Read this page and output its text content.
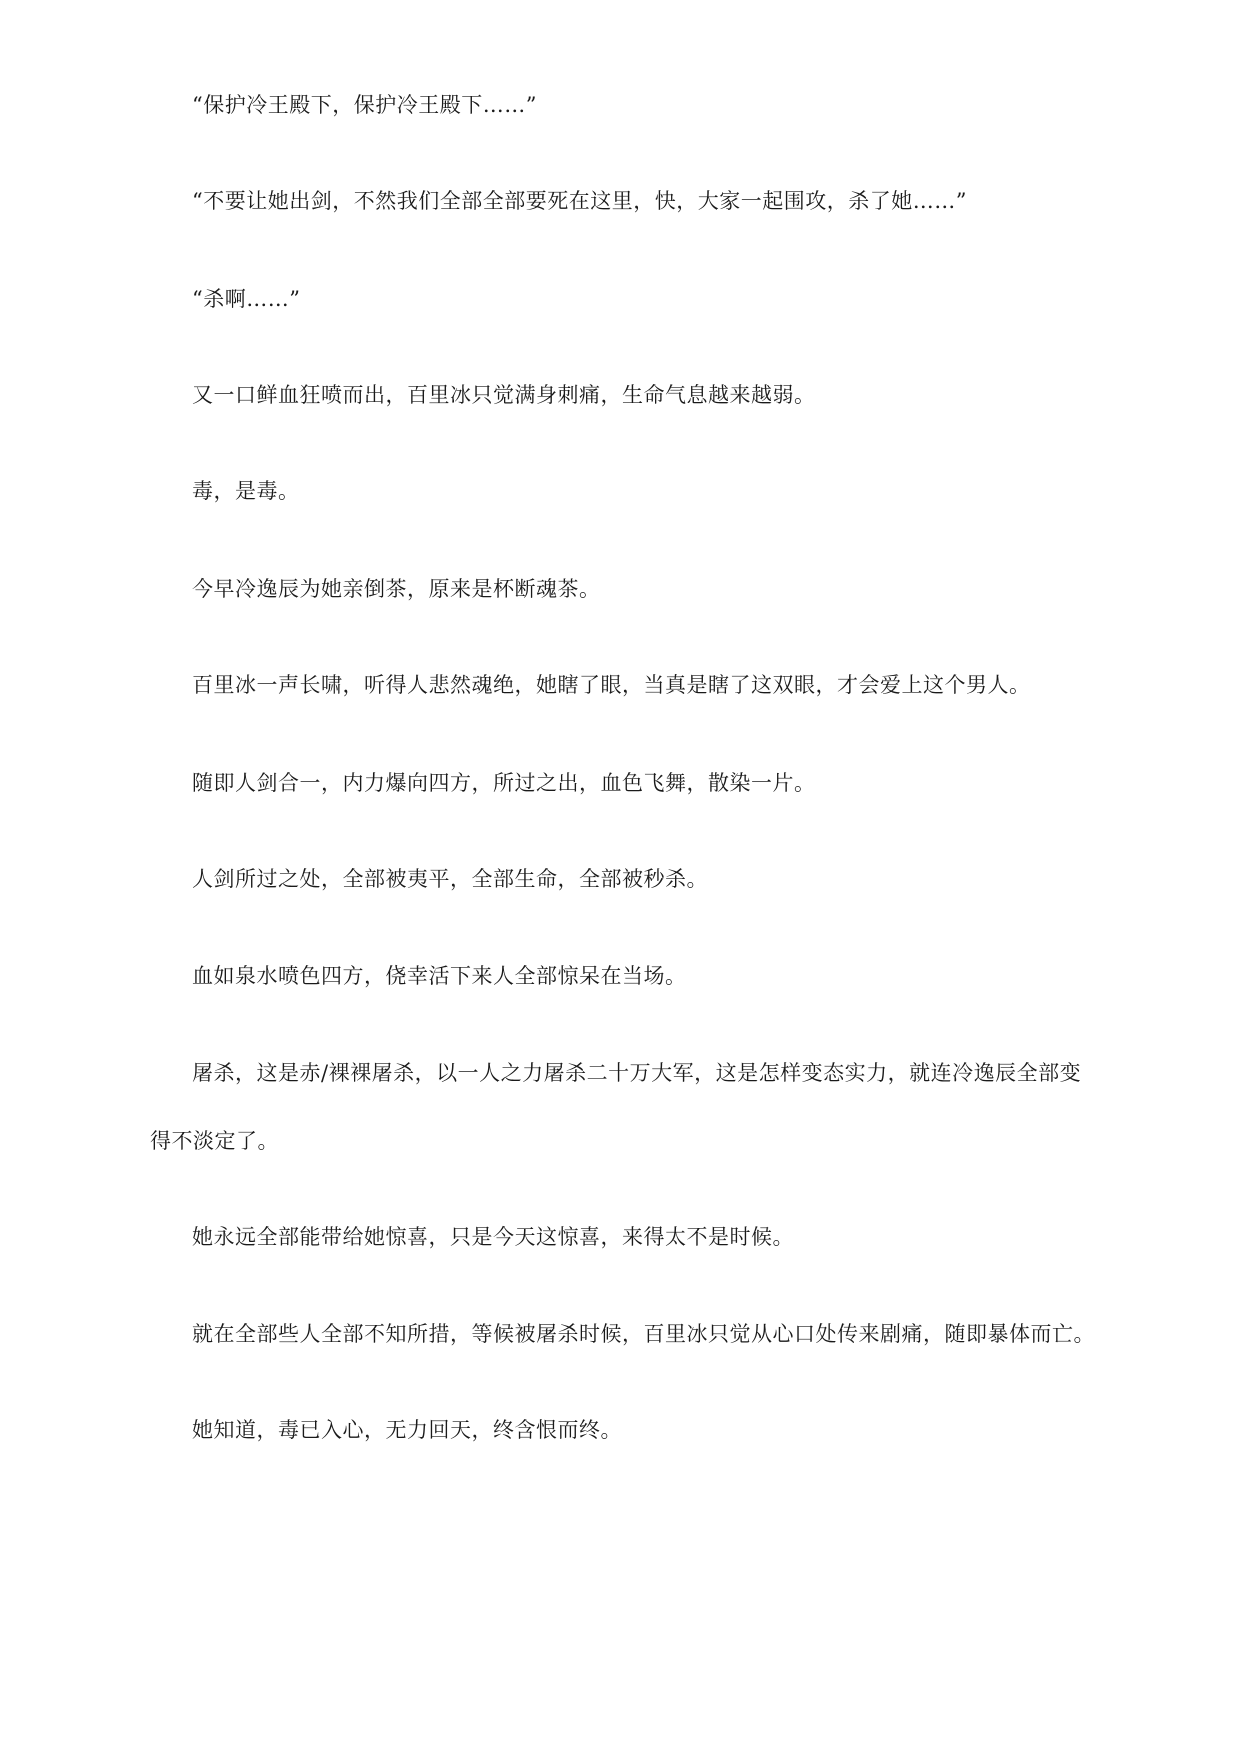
“保护冷王殿下，保护冷王殿下……”

“不要让她出剑，不然我们全部全部要死在这里，快，大家一起围攻，杀了她……”

“杀啊……”

又一口鲜血狂喷而出，百里冰只觉满身刺痛，生命气息越来越弱。

毒，是毒。

今早冷逸辰为她亲倒茶，原来是杯断魂茶。

百里冰一声长啸，听得人悲然魂绝，她瞎了眼，当真是瞎了这双眼，才会爱上这个男人。

随即人剑合一，内力爆向四方，所过之出，血色飞舞，散染一片。

人剑所过之处，全部被夷平，全部生命，全部被秒杀。

血如泉水喷色四方，侥幸活下来人全部惊呆在当场。

屠杀，这是赤/裸裸屠杀，以一人之力屠杀二十万大军，这是怎样变态实力，就连冷逸辰全部变得不淡定了。

她永远全部能带给她惊喜，只是今天这惊喜，来得太不是时候。

就在全部些人全部不知所措，等候被屠杀时候，百里冰只觉从心口处传来剧痛，随即暴体而亡。

她知道，毒已入心，无力回天，终含恨而终。
